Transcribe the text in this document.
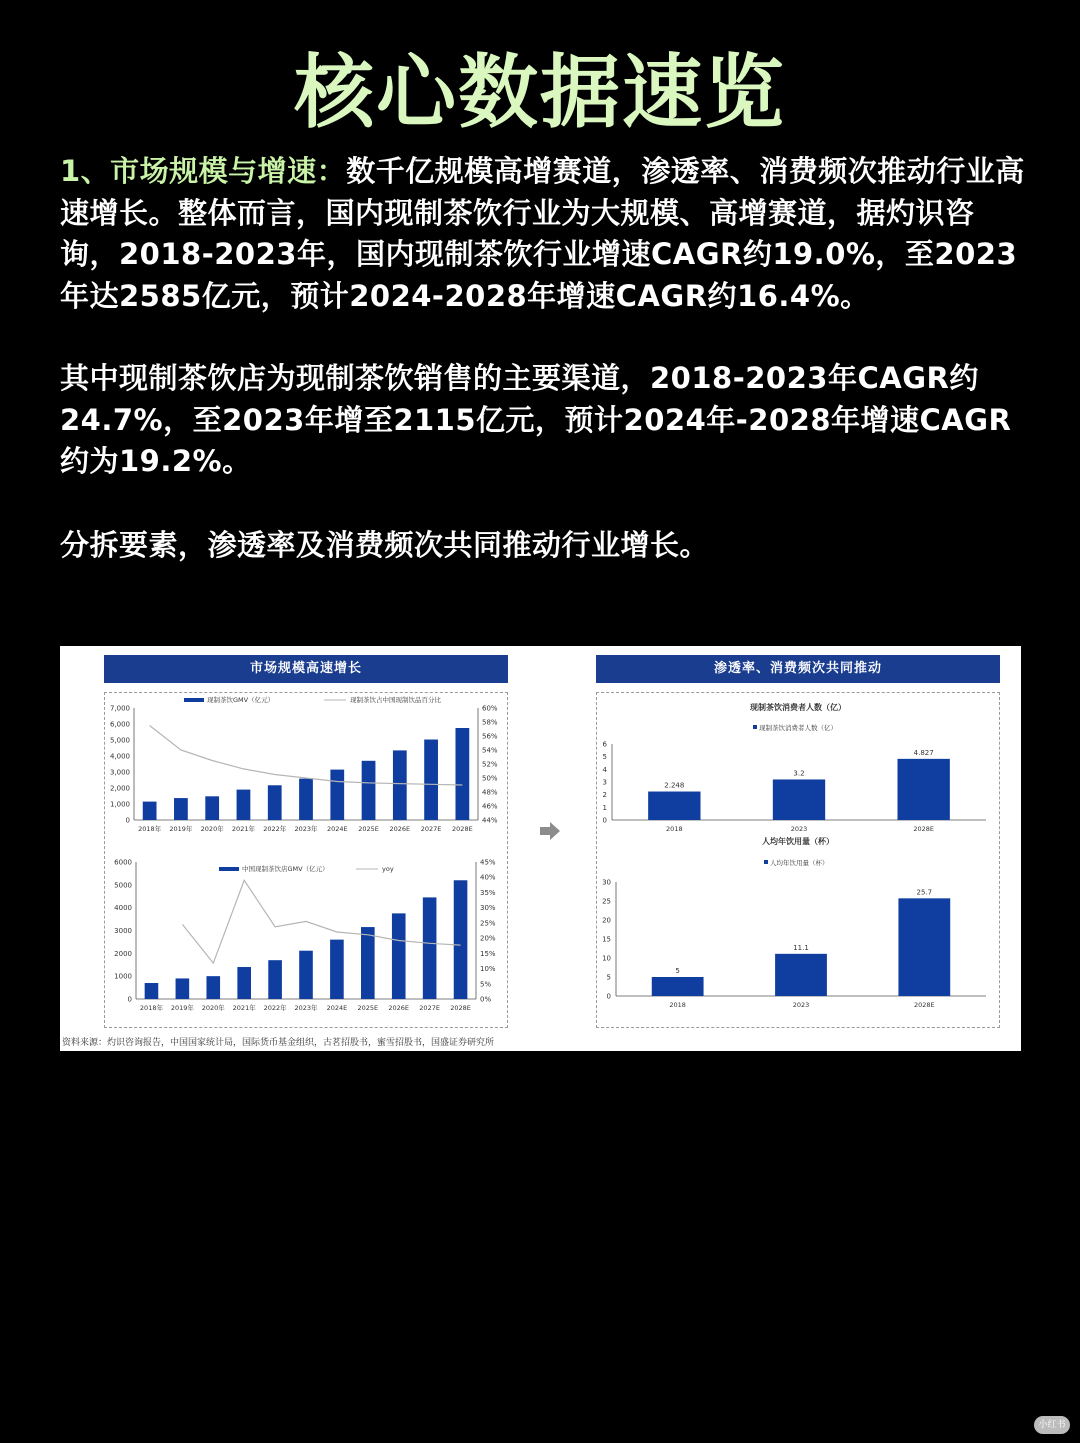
核心数据速览
1、市场规模与增速：数千亿规模高增赛道，渗透率、消费频次推动行业高速增长。整体而言，国内现制茶饮行业为大规模、高增赛道，据灼识咨询，2018-2023年，国内现制茶饮行业增速CAGR约19.0%，至2023年达2585亿元，预计2024-2028年增速CAGR约16.4%。
其中现制茶饮店为现制茶饮销售的主要渠道，2018-2023年CAGR约24.7%，至2023年增至2115亿元，预计2024年-2028年增速CAGR约为19.2%。
分拆要素，渗透率及消费频次共同推动行业增长。
市场规模高速增长	渗透率、消费频次共同推动
0
1,000
2,000
3,000
4,000
5,000
6,000
7,000
44%
46%
48%
50%
52%
54%
56%
58%
60%
2018年 2019年 2020年 2021年 2022年 2023年 2024E 2025E 2026E 2027E 2028E
现制茶饮GMV（亿元）	现制茶饮占中国现制饮品百分比
0
1000
2000
3000
4000
5000
6000
0%
5%
10%
15%
20%
25%
30%
35%
40%
45%
2018年 2019年 2020年 2021年 2022年 2023年 2024E 2025E 2026E 2027E 2028E
中国现制茶饮店GMV（亿元）	yoy
现制茶饮消费者人数（亿）
现制茶饮消费者人数（亿）
0
1
2
3
4
5
6
2.248
2018
3.2
2023
4.827
2028E
人均年饮用量（杯）
人均年饮用量（杯）
0
5
10
15
20
25
30
5
2018
11.1
2023
25.7
2028E
资料来源：灼识咨询报告，中国国家统计局，国际货币基金组织，古茗招股书，蜜雪招股书，国盛证券研究所
小红书
